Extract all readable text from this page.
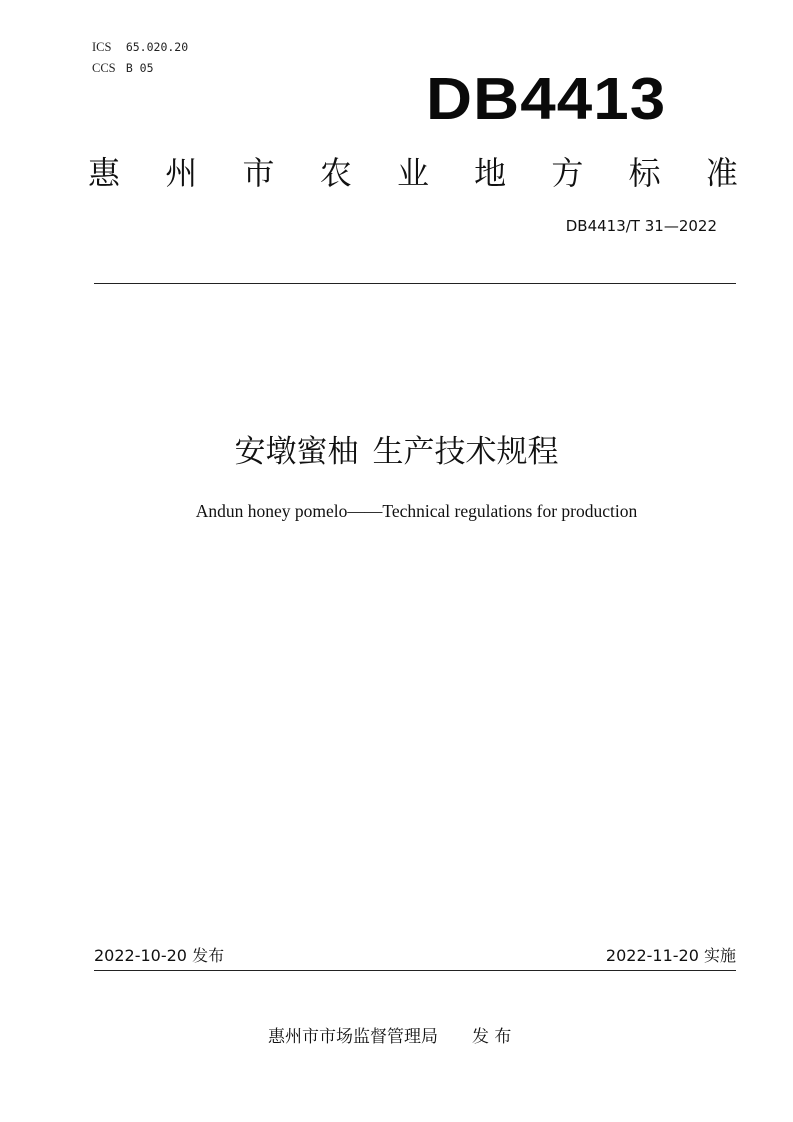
ICS 65.020.20
CCS B 05	DB4413
惠 州 市 农 业 地 方 标 准
DB4413/T 31—2022
安墩蜜柚 生产技术规程
Andun honey pomelo——Technical regulations for production
2022-10-20 发布	2022-11-20 实施
惠州市市场监督管理局 发 布
